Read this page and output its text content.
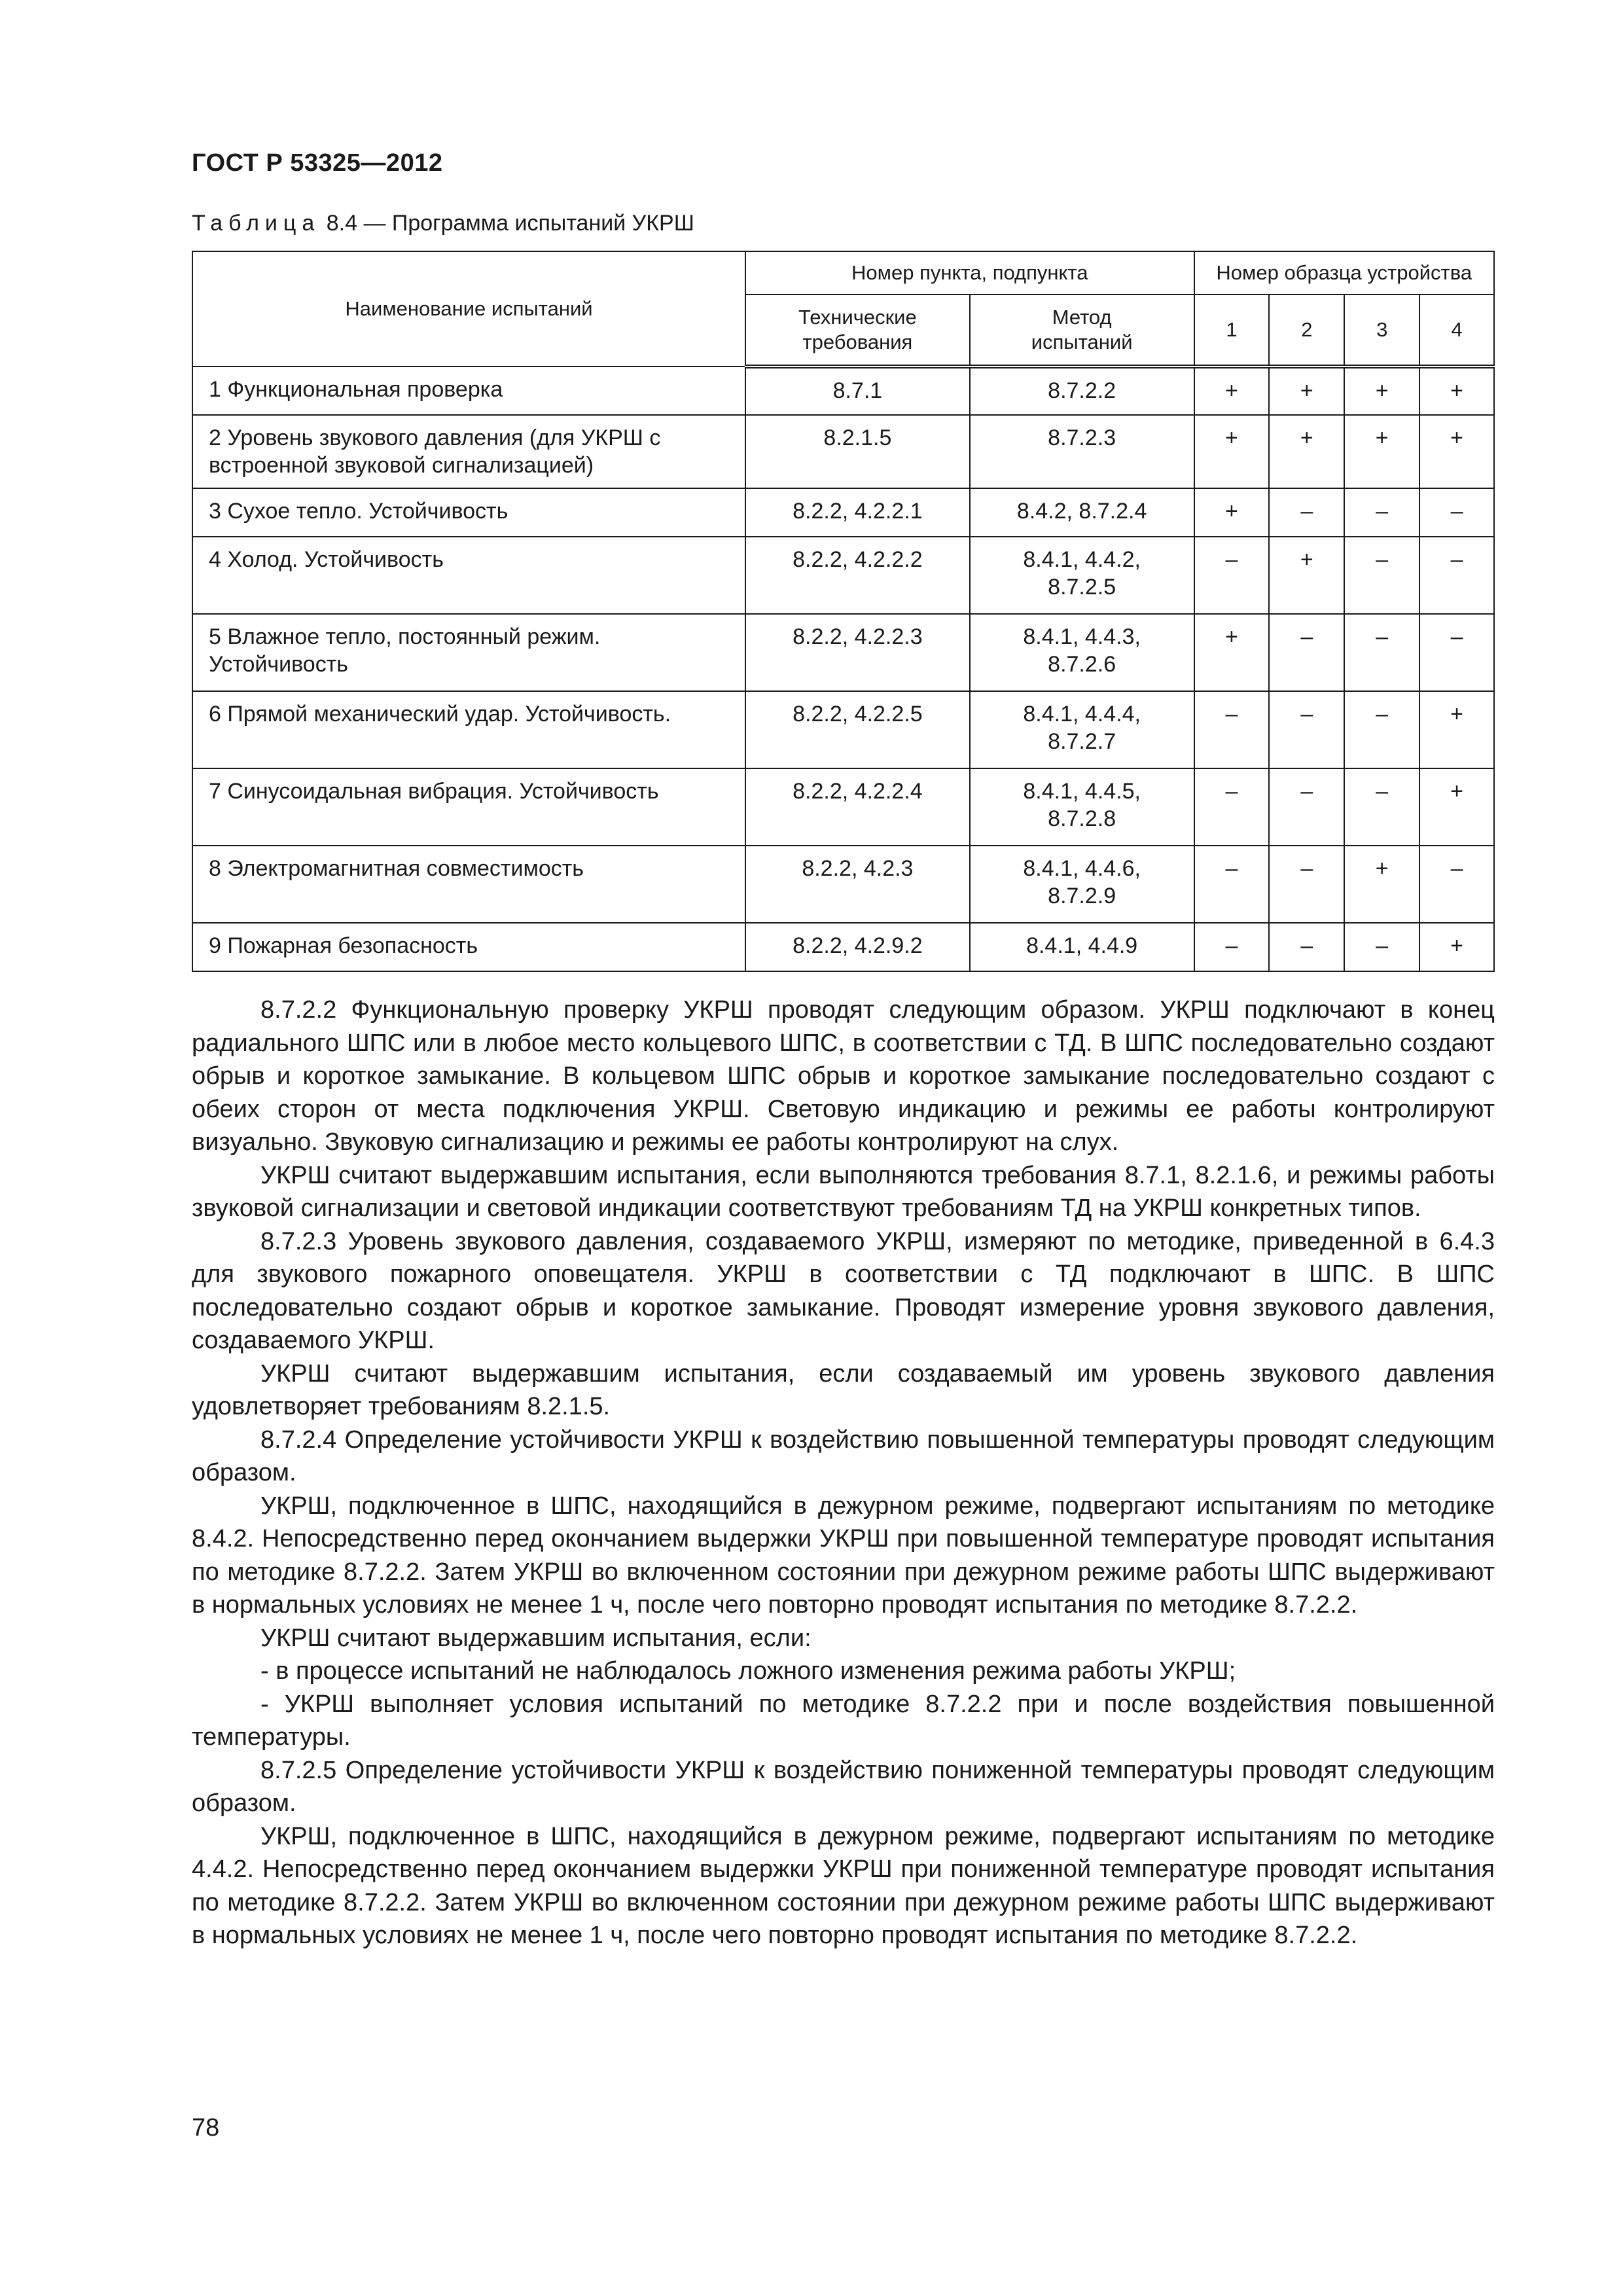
ГОСТ Р 53325—2012
Таблица 8.4 — Программа испытаний УКРШ
Наименование испытаний	Номер пункта, подпункта		Номер образца устройства			
	Технические требования	Метод испытаний	1	2	3	4
1 Функциональная проверка	8.7.1	8.7.2.2	+	+	+	+
2 Уровень звукового давления (для УКРШ с встроенной звуковой сигнализацией)	8.2.1.5	8.7.2.3	+	+	+	+
3 Сухое тепло. Устойчивость	8.2.2, 4.2.2.1	8.4.2, 8.7.2.4	+	–	–	–
4 Холод. Устойчивость	8.2.2, 4.2.2.2	8.4.1, 4.4.2, 8.7.2.5	–	+	–	–
5 Влажное тепло, постоянный режим. Устойчивость	8.2.2, 4.2.2.3	8.4.1, 4.4.3, 8.7.2.6	+	–	–	–
6 Прямой механический удар. Устойчивость.	8.2.2, 4.2.2.5	8.4.1, 4.4.4, 8.7.2.7	–	–	–	+
7 Синусоидальная вибрация. Устойчивость	8.2.2, 4.2.2.4	8.4.1, 4.4.5, 8.7.2.8	–	–	–	+
8 Электромагнитная совместимость	8.2.2, 4.2.3	8.4.1, 4.4.6, 8.7.2.9	–	–	+	–
9 Пожарная безопасность	8.2.2, 4.2.9.2	8.4.1, 4.4.9	–	–	–	+

8.7.2.2 Функциональную проверку УКРШ проводят следующим образом. УКРШ подключают в конец радиального ШПС или в любое место кольцевого ШПС, в соответствии с ТД. В ШПС последовательно создают обрыв и короткое замыкание. В кольцевом ШПС обрыв и короткое замыкание последовательно создают с обеих сторон от места подключения УКРШ. Световую индикацию и режимы ее работы контролируют визуально. Звуковую сигнализацию и режимы ее работы контролируют на слух.

УКРШ считают выдержавшим испытания, если выполняются требования 8.7.1, 8.2.1.6, и режимы работы звуковой сигнализации и световой индикации соответствуют требованиям ТД на УКРШ конкретных типов.

8.7.2.3 Уровень звукового давления, создаваемого УКРШ, измеряют по методике, приведенной в 6.4.3 для звукового пожарного оповещателя. УКРШ в соответствии с ТД подключают в ШПС. В ШПС последовательно создают обрыв и короткое замыкание. Проводят измерение уровня звукового давления, создаваемого УКРШ.

УКРШ считают выдержавшим испытания, если создаваемый им уровень звукового давления удовлетворяет требованиям 8.2.1.5.

8.7.2.4 Определение устойчивости УКРШ к воздействию повышенной температуры проводят следующим образом.

УКРШ, подключенное в ШПС, находящийся в дежурном режиме, подвергают испытаниям по методике 8.4.2. Непосредственно перед окончанием выдержки УКРШ при повышенной температуре проводят испытания по методике 8.7.2.2. Затем УКРШ во включенном состоянии при дежурном режиме работы ШПС выдерживают в нормальных условиях не менее 1 ч, после чего повторно проводят испытания по методике 8.7.2.2.

УКРШ считают выдержавшим испытания, если:

- в процессе испытаний не наблюдалось ложного изменения режима работы УКРШ;

- УКРШ выполняет условия испытаний по методике 8.7.2.2 при и после воздействия повышенной температуры.

8.7.2.5 Определение устойчивости УКРШ к воздействию пониженной температуры проводят следующим образом.

УКРШ, подключенное в ШПС, находящийся в дежурном режиме, подвергают испытаниям по методике 4.4.2. Непосредственно перед окончанием выдержки УКРШ при пониженной температуре проводят испытания по методике 8.7.2.2. Затем УКРШ во включенном состоянии при дежурном режиме работы ШПС выдерживают в нормальных условиях не менее 1 ч, после чего повторно проводят испытания по методике 8.7.2.2.

78
